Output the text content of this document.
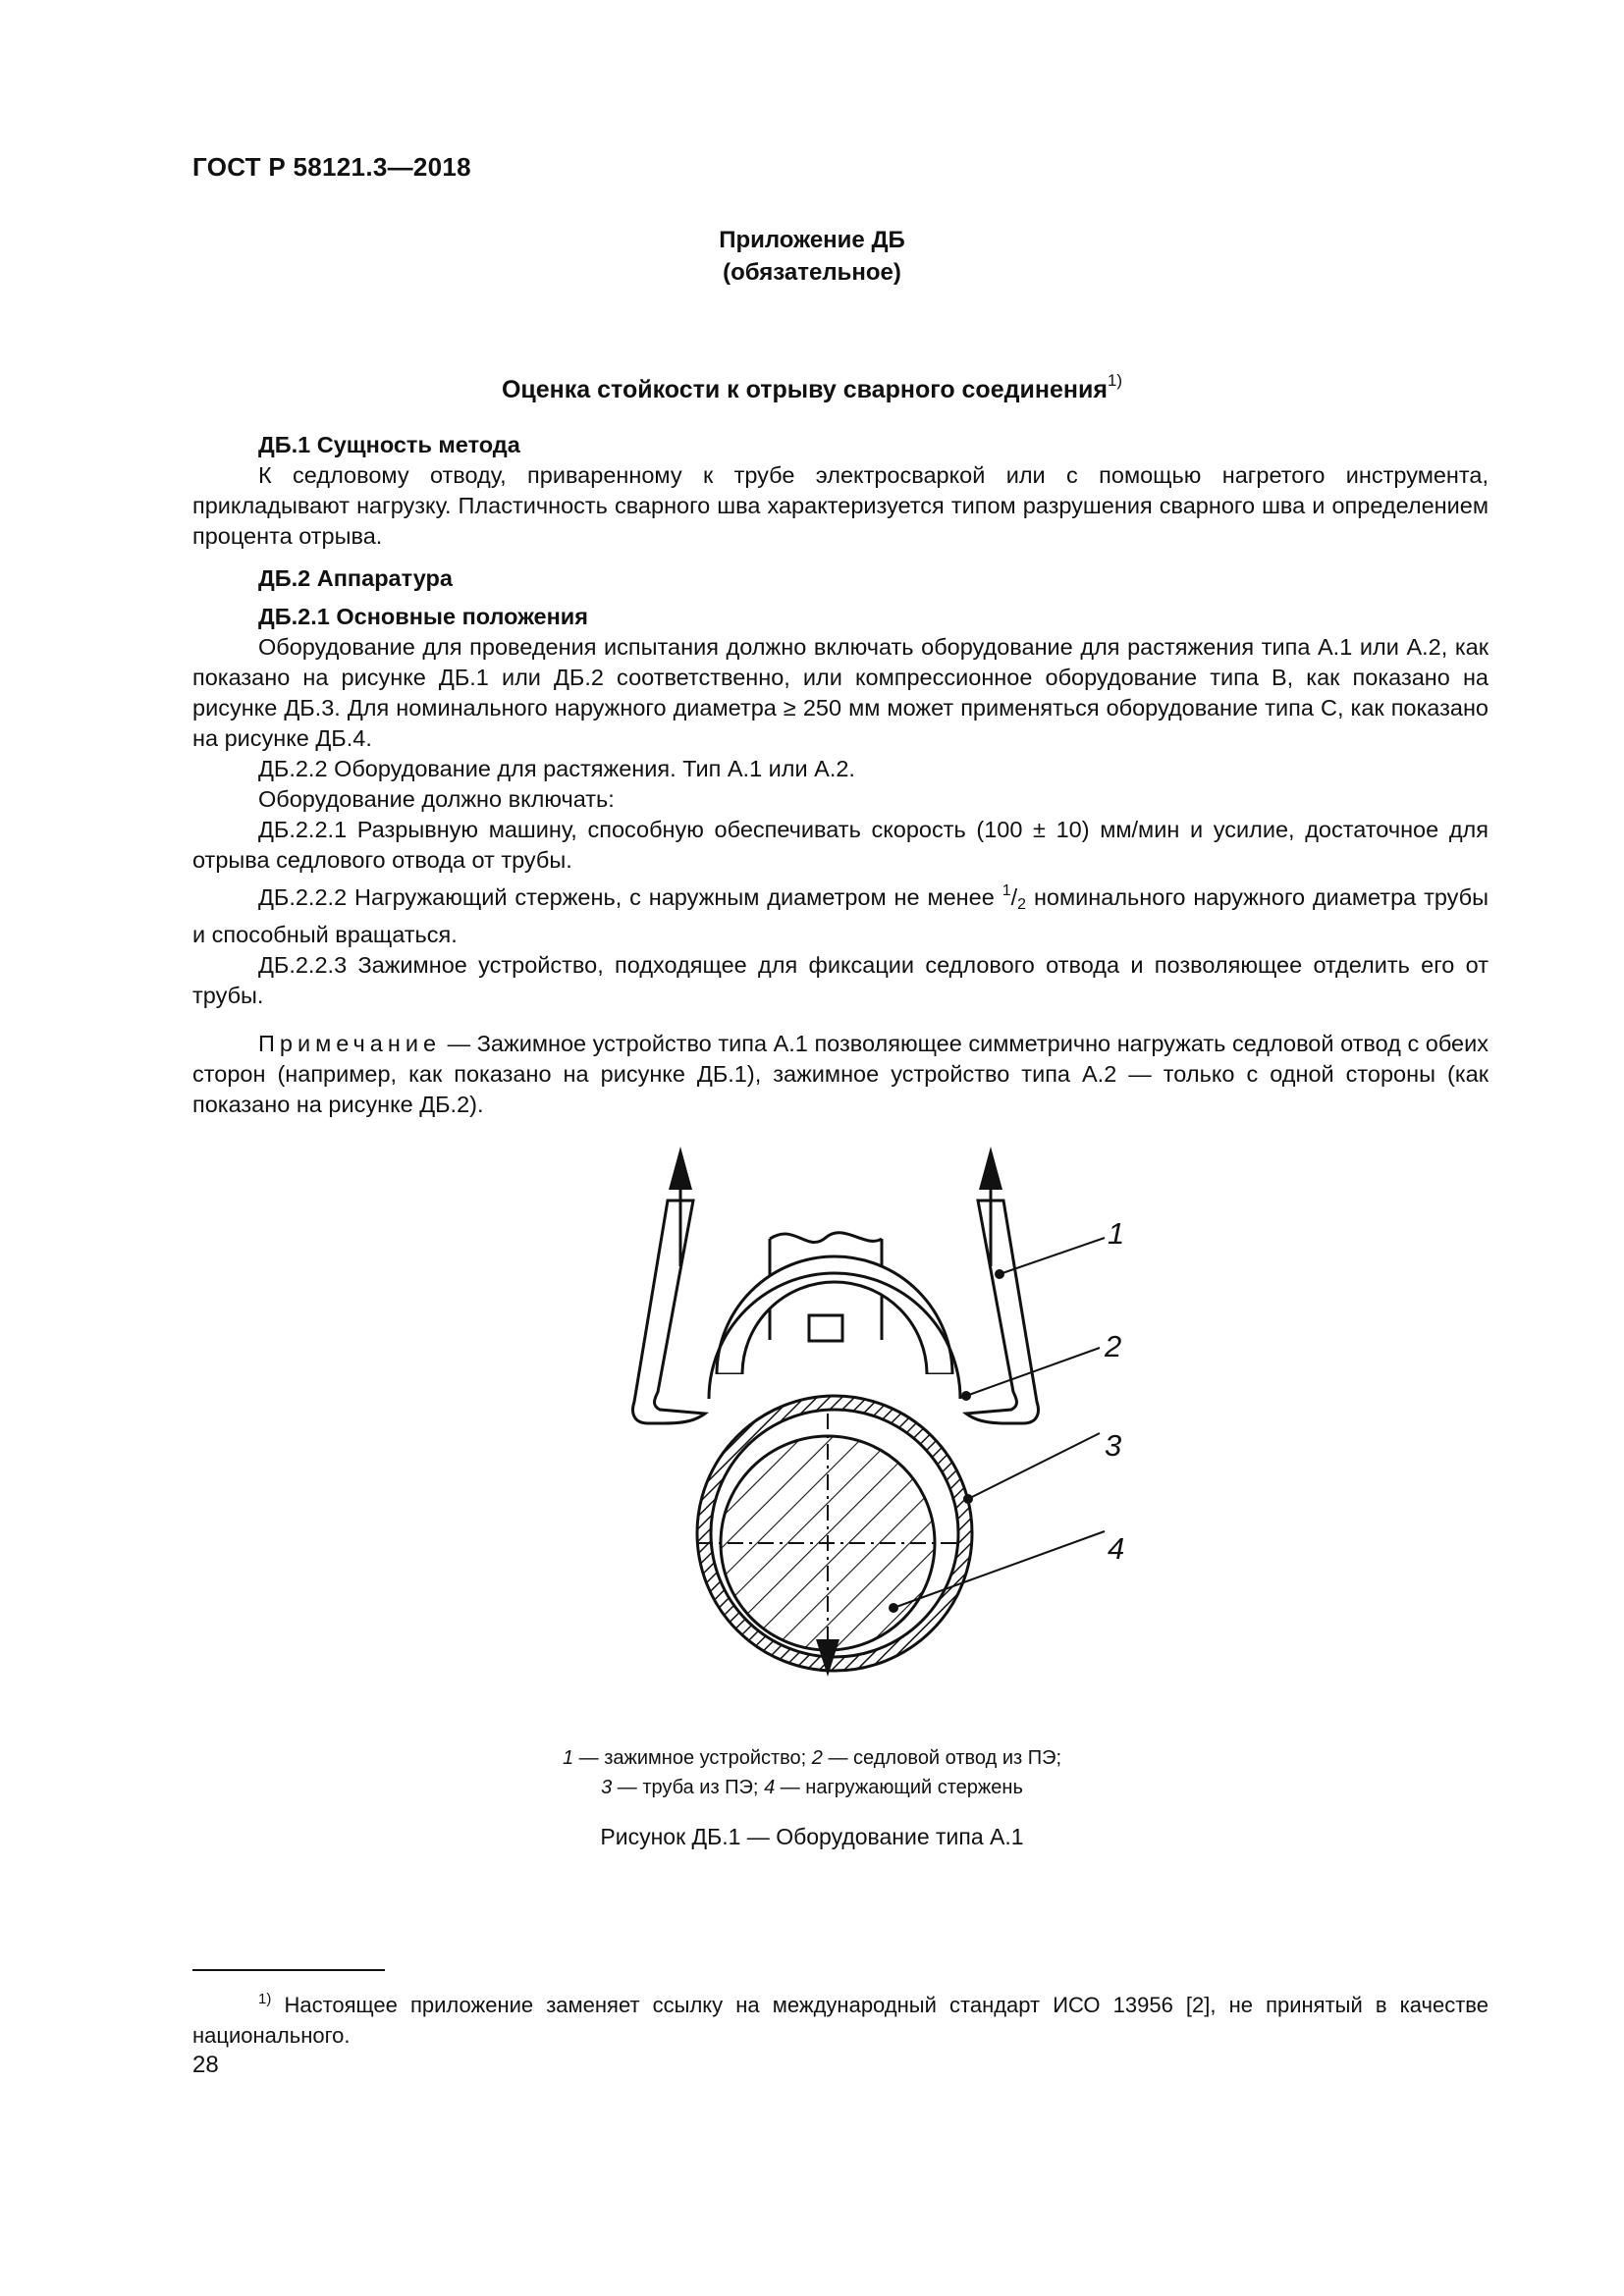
ГОСТ Р 58121.3—2018
Приложение ДБ
(обязательное)
Оценка стойкости к отрыву сварного соединения$^{1)}$

ДБ.1 Сущность метода

К седловому отводу, приваренному к трубе электросваркой или с помощью нагретого инструмента, прикладывают нагрузку. Пластичность сварного шва характеризуется типом разрушения сварного шва и определением процента отрыва.

ДБ.2 Аппаратура

ДБ.2.1 Основные положения

Оборудование для проведения испытания должно включать оборудование для растяжения типа А.1 или А.2, как показано на рисунке ДБ.1 или ДБ.2 соответственно, или компрессионное оборудование типа В, как показано на рисунке ДБ.3. Для номинального наружного диаметра ≥ 250 мм может применяться оборудование типа С, как показано на рисунке ДБ.4.

ДБ.2.2 Оборудование для растяжения. Тип А.1 или А.2.

Оборудование должно включать:

ДБ.2.2.1 Разрывную машину, способную обеспечивать скорость (100 ± 10) мм/мин и усилие, достаточное для отрыва седлового отвода от трубы.

ДБ.2.2.2 Нагружающий стержень, с наружным диаметром не менее $^1/_2$ номинального наружного диаметра трубы и способный вращаться.

ДБ.2.2.3 Зажимное устройство, подходящее для фиксации седлового отвода и позволяющее отделить его от трубы.

Примечание — Зажимное устройство типа А.1 позволяющее симметрично нагружать седловой отвод с обеих сторон (например, как показано на рисунке ДБ.1), зажимное устройство типа А.2 — только с одной стороны (как показано на рисунке ДБ.2).

1
2
3
4
1 — зажимное устройство; 2 — седловой отвод из ПЭ;
3 — труба из ПЭ; 4 — нагружающий стержень
Рисунок ДБ.1 — Оборудование типа А.1
$^{1)}$ Настоящее приложение заменяет ссылку на международный стандарт ИСО 13956 [2], не принятый в качестве национального.
28
